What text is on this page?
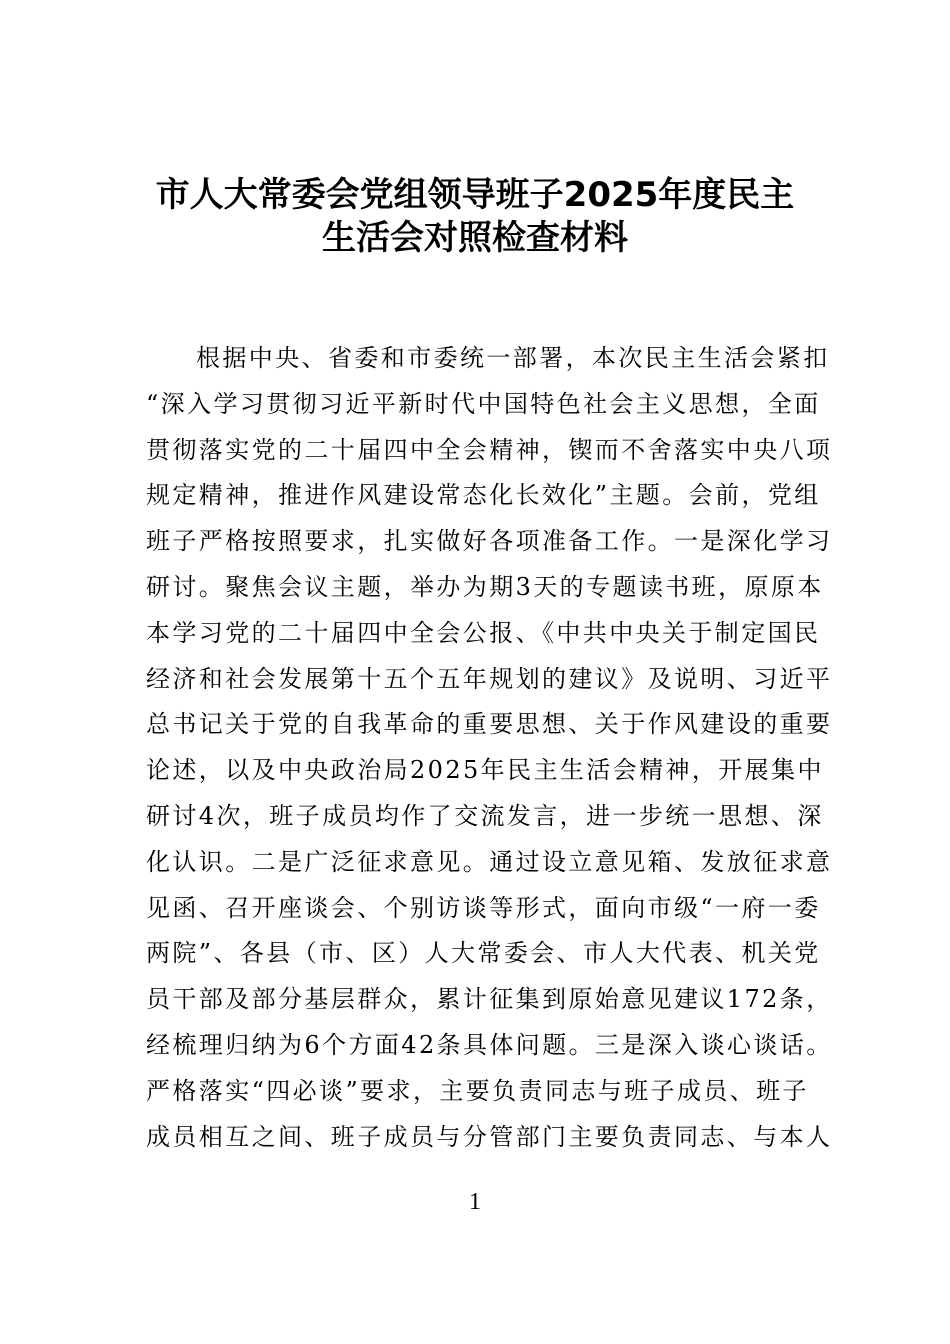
市人大常委会党组领导班子2025年度民主
生活会对照检查材料
根据中央、省委和市委统一部署，本次民主生活会紧扣
“深入学习贯彻习近平新时代中国特色社会主义思想，全面
贯彻落实党的二十届四中全会精神，锲而不舍落实中央八项
规定精神，推进作风建设常态化长效化”主题。会前，党组
班子严格按照要求，扎实做好各项准备工作。一是深化学习
研讨。聚焦会议主题，举办为期3天的专题读书班，原原本
本学习党的二十届四中全会公报、《中共中央关于制定国民
经济和社会发展第十五个五年规划的建议》及说明、习近平
总书记关于党的自我革命的重要思想、关于作风建设的重要
论述，以及中央政治局2025年民主生活会精神，开展集中
研讨4次，班子成员均作了交流发言，进一步统一思想、深
化认识。二是广泛征求意见。通过设立意见箱、发放征求意
见函、召开座谈会、个别访谈等形式，面向市级“一府一委
两院”、各县（市、区）人大常委会、市人大代表、机关党
员干部及部分基层群众，累计征集到原始意见建议172条，
经梳理归纳为6个方面42条具体问题。三是深入谈心谈话。
严格落实“四必谈”要求，主要负责同志与班子成员、班子
成员相互之间、班子成员与分管部门主要负责同志、与本人
1
